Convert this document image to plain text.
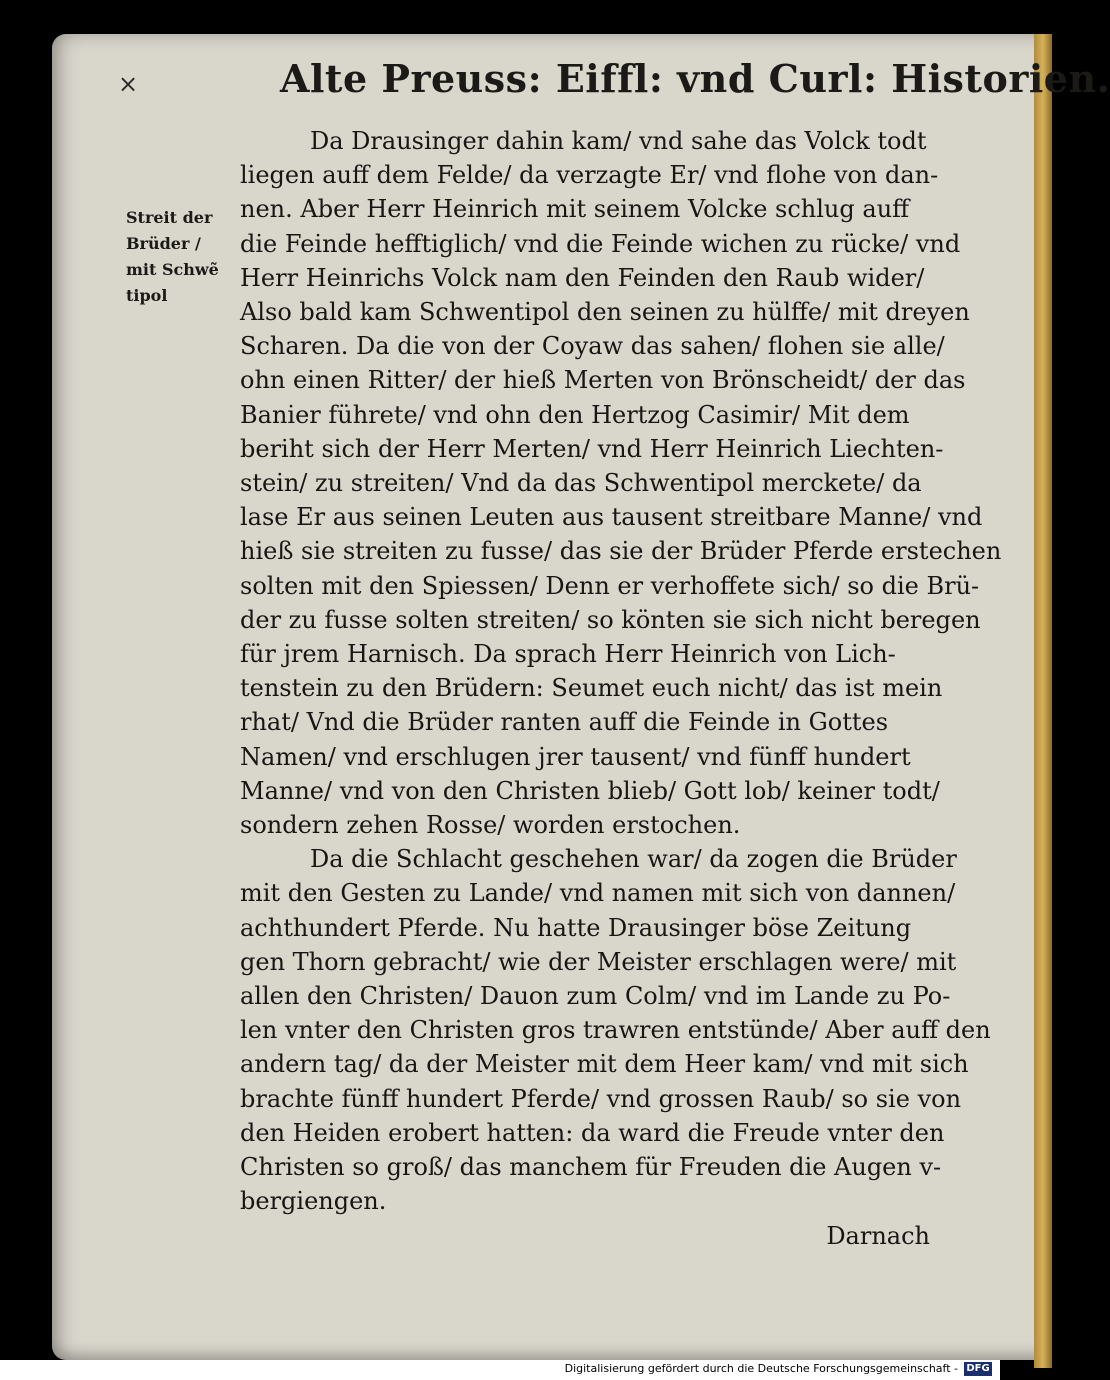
×	Alte Preuss: Eiffl: vnd Curl: Historien.
Streit der
Brüder /
mit Schwẽ
tipol
Da Drausinger dahin kam/ vnd sahe das Volck todt
liegen auff dem Felde/ da verzagte Er/ vnd flohe von dan-
nen. Aber Herr Heinrich mit seinem Volcke schlug auff
die Feinde hefftiglich/ vnd die Feinde wichen zu rücke/ vnd
Herr Heinrichs Volck nam den Feinden den Raub wider/
Also bald kam Schwentipol den seinen zu hülffe/ mit dreyen
Scharen. Da die von der Coyaw das sahen/ flohen sie alle/
ohn einen Ritter/ der hieß Merten von Brönscheidt/ der das
Banier führete/ vnd ohn den Hertzog Casimir/ Mit dem
beriht sich der Herr Merten/ vnd Herr Heinrich Liechten-
stein/ zu streiten/ Vnd da das Schwentipol merckete/ da
lase Er aus seinen Leuten aus tausent streitbare Manne/ vnd
hieß sie streiten zu fusse/ das sie der Brüder Pferde erstechen
solten mit den Spiessen/ Denn er verhoffete sich/ so die Brü-
der zu fusse solten streiten/ so könten sie sich nicht beregen
für jrem Harnisch. Da sprach Herr Heinrich von Lich-
tenstein zu den Brüdern: Seumet euch nicht/ das ist mein
rhat/ Vnd die Brüder ranten auff die Feinde in Gottes
Namen/ vnd erschlugen jrer tausent/ vnd fünff hundert
Manne/ vnd von den Christen blieb/ Gott lob/ keiner todt/
sondern zehen Rosse/ worden erstochen.
Da die Schlacht geschehen war/ da zogen die Brüder
mit den Gesten zu Lande/ vnd namen mit sich von dannen/
achthundert Pferde. Nu hatte Drausinger böse Zeitung
gen Thorn gebracht/ wie der Meister erschlagen were/ mit
allen den Christen/ Dauon zum Colm/ vnd im Lande zu Po-
len vnter den Christen gros trawren entstünde/ Aber auff den
andern tag/ da der Meister mit dem Heer kam/ vnd mit sich
brachte fünff hundert Pferde/ vnd grossen Raub/ so sie von
den Heiden erobert hatten: da ward die Freude vnter den
Christen so groß/ das manchem für Freuden die Augen v-
bergiengen.
Darnach
Digitalisierung gefördert durch die Deutsche Forschungsgemeinschaft - DFG
